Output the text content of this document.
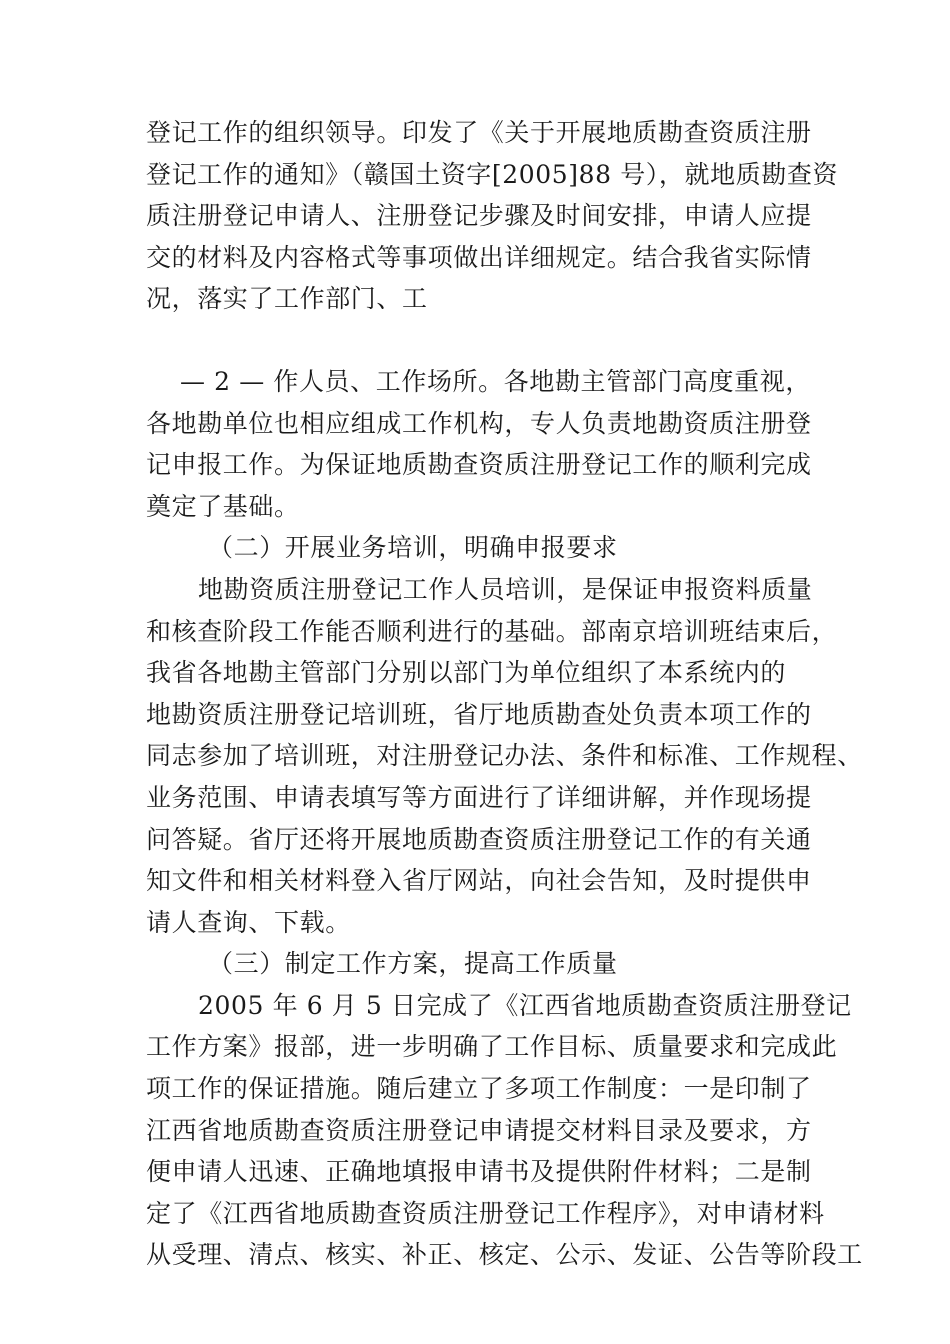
登记工作的组织领导。印发了《关于开展地质勘查资质注册
登记工作的通知》（赣国土资字[2005]88 号），就地质勘查资
质注册登记申请人、注册登记步骤及时间安排，申请人应提
交的材料及内容格式等事项做出详细规定。结合我省实际情
况，落实了工作部门、工
— 2 — 作人员、工作场所。各地勘主管部门高度重视，
各地勘单位也相应组成工作机构，专人负责地勘资质注册登
记申报工作。为保证地质勘查资质注册登记工作的顺利完成
奠定了基础。
（二）开展业务培训，明确申报要求
地勘资质注册登记工作人员培训，是保证申报资料质量
和核查阶段工作能否顺利进行的基础。部南京培训班结束后，
我省各地勘主管部门分别以部门为单位组织了本系统内的
地勘资质注册登记培训班，省厅地质勘查处负责本项工作的
同志参加了培训班，对注册登记办法、条件和标准、工作规程、
业务范围、申请表填写等方面进行了详细讲解，并作现场提
问答疑。省厅还将开展地质勘查资质注册登记工作的有关通
知文件和相关材料登入省厅网站，向社会告知，及时提供申
请人查询、下载。
（三）制定工作方案，提高工作质量
2005 年 6 月 5 日完成了《江西省地质勘查资质注册登记
工作方案》报部，进一步明确了工作目标、质量要求和完成此
项工作的保证措施。随后建立了多项工作制度：一是印制了
江西省地质勘查资质注册登记申请提交材料目录及要求，方
便申请人迅速、正确地填报申请书及提供附件材料；二是制
定了《江西省地质勘查资质注册登记工作程序》，对申请材料
从受理、清点、核实、补正、核定、公示、发证、公告等阶段工
